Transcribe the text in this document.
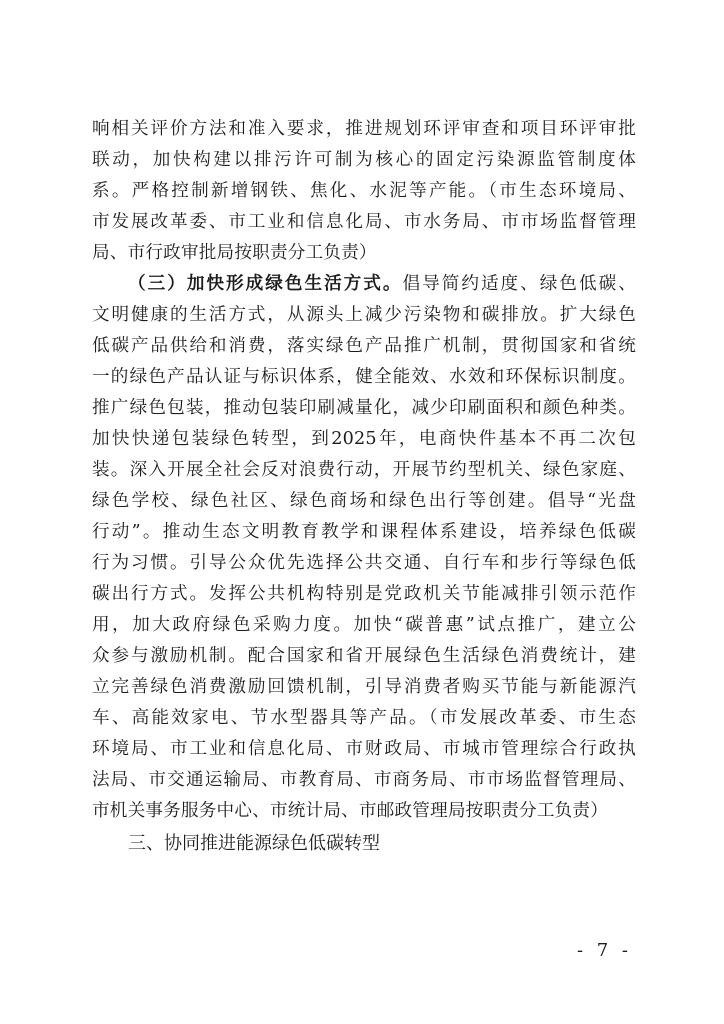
响相关评价方法和准入要求，推进规划环评审查和项目环评审批
联动，加快构建以排污许可制为核心的固定污染源监管制度体
系。严格控制新增钢铁、焦化、水泥等产能。（市生态环境局、
市发展改革委、市工业和信息化局、市水务局、市市场监督管理
局、市行政审批局按职责分工负责）
（三）加快形成绿色生活方式。倡导简约适度、绿色低碳、
文明健康的生活方式，从源头上减少污染物和碳排放。扩大绿色
低碳产品供给和消费，落实绿色产品推广机制，贯彻国家和省统
一的绿色产品认证与标识体系，健全能效、水效和环保标识制度。
推广绿色包装，推动包装印刷减量化，减少印刷面积和颜色种类。
加快快递包装绿色转型，到2025年，电商快件基本不再二次包
装。深入开展全社会反对浪费行动，开展节约型机关、绿色家庭、
绿色学校、绿色社区、绿色商场和绿色出行等创建。倡导“光盘
行动”。推动生态文明教育教学和课程体系建设，培养绿色低碳
行为习惯。引导公众优先选择公共交通、自行车和步行等绿色低
碳出行方式。发挥公共机构特别是党政机关节能减排引领示范作
用，加大政府绿色采购力度。加快“碳普惠”试点推广，建立公
众参与激励机制。配合国家和省开展绿色生活绿色消费统计，建
立完善绿色消费激励回馈机制，引导消费者购买节能与新能源汽
车、高能效家电、节水型器具等产品。（市发展改革委、市生态
环境局、市工业和信息化局、市财政局、市城市管理综合行政执
法局、市交通运输局、市教育局、市商务局、市市场监督管理局、
市机关事务服务中心、市统计局、市邮政管理局按职责分工负责）
三、协同推进能源绿色低碳转型
- 7 -
